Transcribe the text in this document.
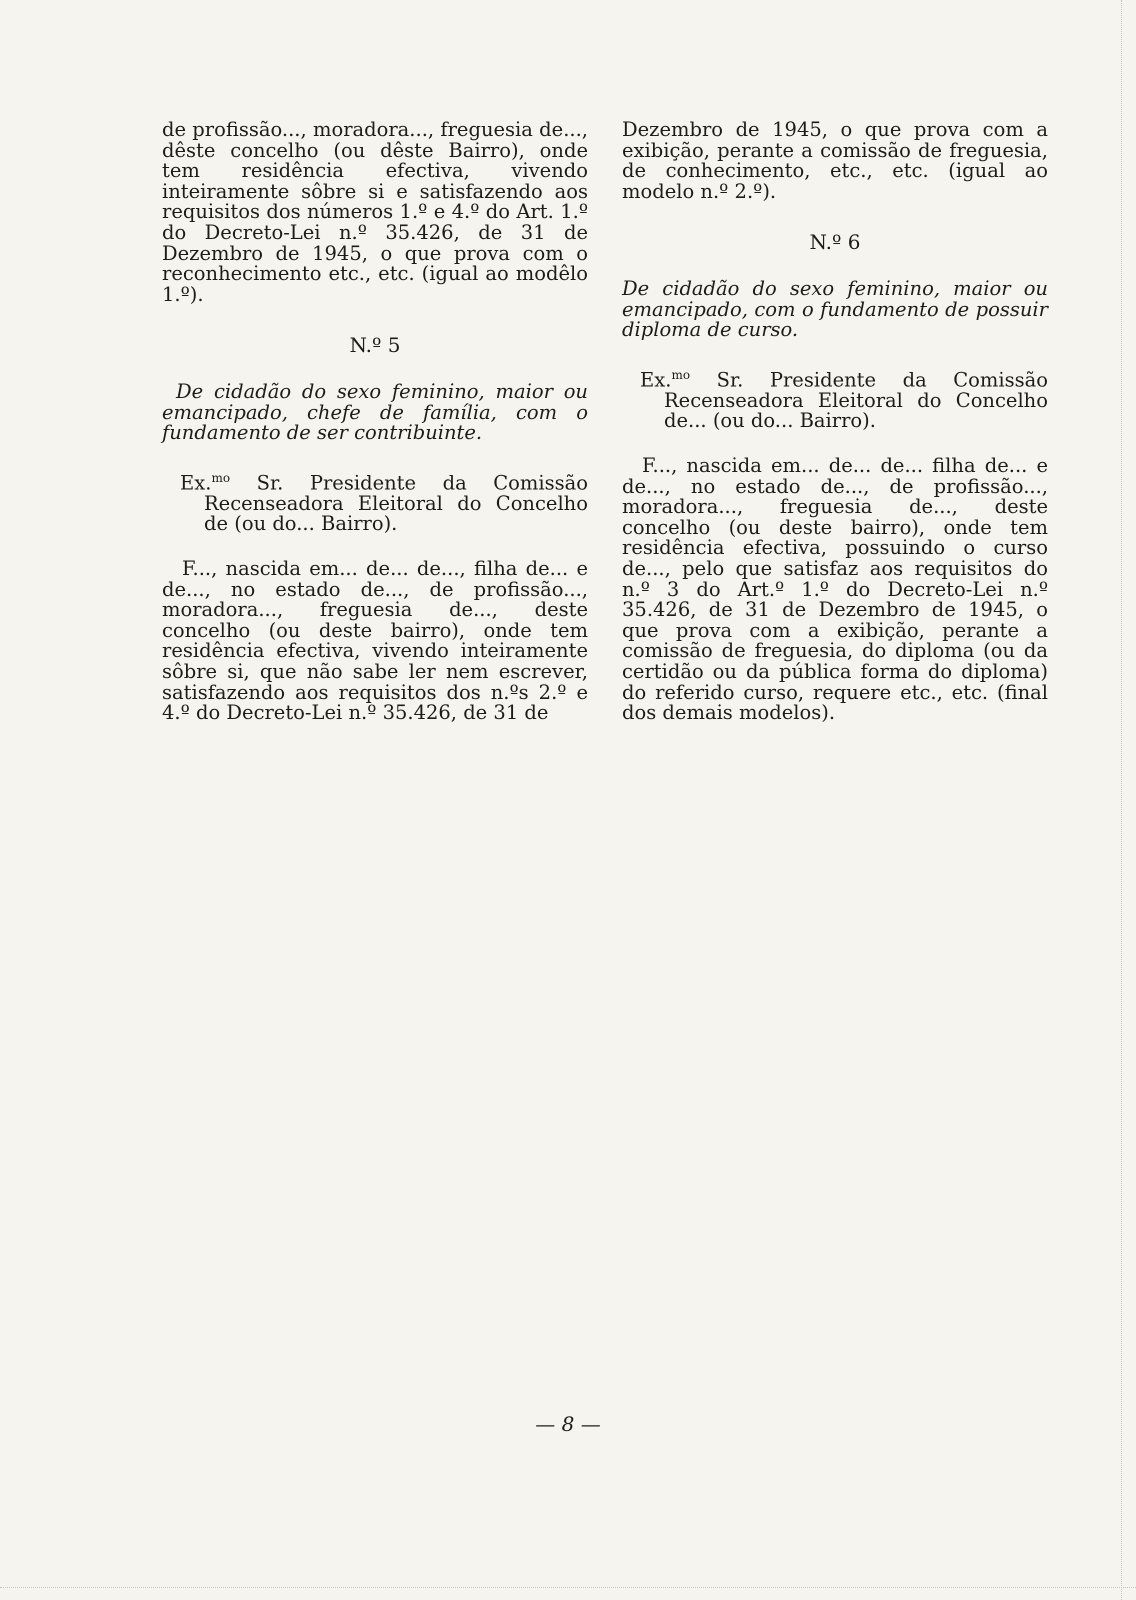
de profissão..., moradora..., freguesia de..., dêste concelho (ou dêste Bairro), onde tem residência efectiva, vivendo inteiramente sôbre si e satisfazendo aos requisitos dos números 1.º e 4.º do Art. 1.º do Decreto-Lei n.º 35.426, de 31 de Dezembro de 1945, o que prova com o reconhecimento etc., etc. (igual ao modêlo 1.º).

N.º 5

De cidadão do sexo feminino, maior ou emancipado, chefe de família, com o fundamento de ser contribuinte.

Ex.$^{mo}$ Sr. Presidente da Comissão Recenseadora Eleitoral do Concelho de (ou do... Bairro).

F..., nascida em... de... de..., filha de... e de..., no estado de..., de profissão..., moradora..., freguesia de..., deste concelho (ou deste bairro), onde tem residência efectiva, vivendo inteiramente sôbre si, que não sabe ler nem escrever, satisfazendo aos requisitos dos n.ºs 2.º e 4.º do Decreto-Lei n.º 35.426, de 31 de

Dezembro de 1945, o que prova com a exibição, perante a comissão de freguesia, de conhecimento, etc., etc. (igual ao modelo n.º 2.º).

N.º 6

De cidadão do sexo feminino, maior ou emancipado, com o fundamento de possuir diploma de curso.

Ex.$^{mo}$ Sr. Presidente da Comissão Recenseadora Eleitoral do Concelho de... (ou do... Bairro).

F..., nascida em... de... de... filha de... e de..., no estado de..., de profissão..., moradora..., freguesia de..., deste concelho (ou deste bairro), onde tem residência efectiva, possuindo o curso de..., pelo que satisfaz aos requisitos do n.º 3 do Art.º 1.º do Decreto-Lei n.º 35.426, de 31 de Dezembro de 1945, o que prova com a exibição, perante a comissão de freguesia, do diploma (ou da certidão ou da pública forma do diploma) do referido curso, requere etc., etc. (final dos demais modelos).

— 8 —
